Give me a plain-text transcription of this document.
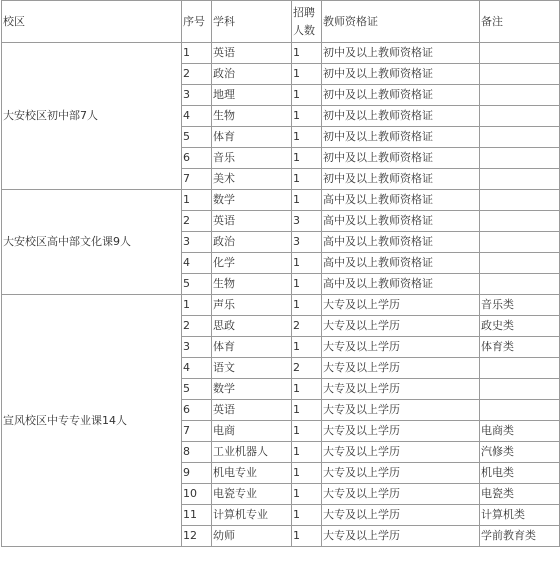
校区	序号	学科	招聘人数	教师资格证	备注
大安校区初中部7人	1	英语	1	初中及以上教师资格证	
	2	政治	1	初中及以上教师资格证	
	3	地理	1	初中及以上教师资格证	
	4	生物	1	初中及以上教师资格证	
	5	体育	1	初中及以上教师资格证	
	6	音乐	1	初中及以上教师资格证	
	7	美术	1	初中及以上教师资格证	
大安校区高中部文化课9人	1	数学	1	高中及以上教师资格证	
	2	英语	3	高中及以上教师资格证	
	3	政治	3	高中及以上教师资格证	
	4	化学	1	高中及以上教师资格证	
	5	生物	1	高中及以上教师资格证	
宣风校区中专专业课14人	1	声乐	1	大专及以上学历	音乐类
	2	思政	2	大专及以上学历	政史类
	3	体育	1	大专及以上学历	体育类
	4	语文	2	大专及以上学历	
	5	数学	1	大专及以上学历	
	6	英语	1	大专及以上学历	
	7	电商	1	大专及以上学历	电商类
	8	工业机器人	1	大专及以上学历	汽修类
	9	机电专业	1	大专及以上学历	机电类
	10	电瓷专业	1	大专及以上学历	电瓷类
	11	计算机专业	1	大专及以上学历	计算机类
	12	幼师	1	大专及以上学历	学前教育类
